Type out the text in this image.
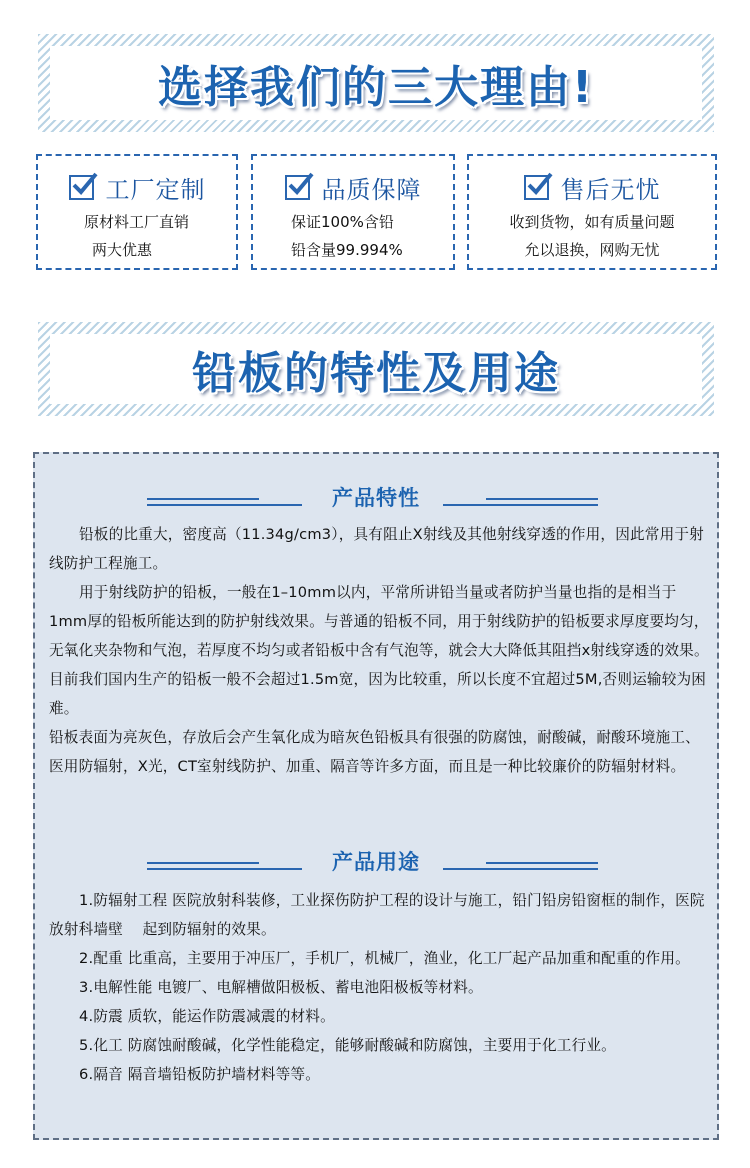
选择我们的三大理由!
工厂定制
原材料工厂直销
两大优惠
品质保障
保证100%含铅
铅含量99.994%
售后无忧
收到货物，如有质量问题
允以退换，网购无忧
铅板的特性及用途
产品特性

铅板的比重大，密度高（11.34g/cm3），具有阻止X射线及其他射线穿透的作用，因此常用于射线防护工程施工。

用于射线防护的铅板，一般在1–10mm以内，平常所讲铅当量或者防护当量也指的是相当于1mm厚的铅板所能达到的防护射线效果。与普通的铅板不同，用于射线防护的铅板要求厚度要均匀，无氧化夹杂物和气泡，若厚度不均匀或者铅板中含有气泡等，就会大大降低其阻挡x射线穿透的效果。目前我们国内生产的铅板一般不会超过1.5m宽，因为比较重，所以长度不宜超过5M,否则运输较为困难。

铅板表面为亮灰色，存放后会产生氧化成为暗灰色铅板具有很强的防腐蚀，耐酸碱，耐酸环境施工、医用防辐射，X光，CT室射线防护、加重、隔音等许多方面，而且是一种比较廉价的防辐射材料。

产品用途

1.防辐射工程 医院放射科装修，工业探伤防护工程的设计与施工，铅门铅房铅窗框的制作，医院放射科墙壁　 起到防辐射的效果。

2.配重 比重高，主要用于冲压厂，手机厂，机械厂，渔业，化工厂起产品加重和配重的作用。

3.电解性能 电镀厂、电解槽做阳极板、蓄电池阳极板等材料。

4.防震 质软，能运作防震减震的材料。

5.化工 防腐蚀耐酸碱，化学性能稳定，能够耐酸碱和防腐蚀，主要用于化工行业。

6.隔音 隔音墙铅板防护墙材料等等。
